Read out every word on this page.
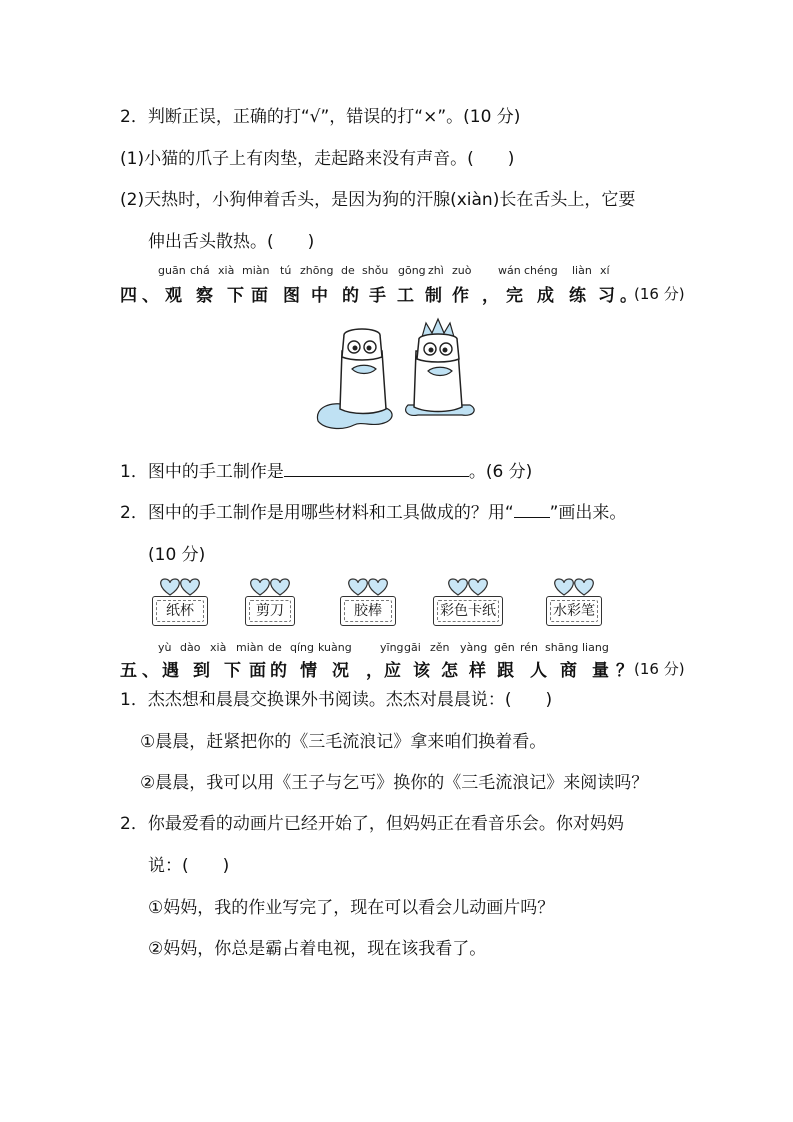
2．判断正误，正确的打“√”，错误的打“×”。(10 分)
(1)小猫的爪子上有肉垫，走起路来没有声音。(　　)
(2)天热时，小狗伸着舌头，是因为狗的汗腺(xiàn)长在舌头上，它要
伸出舌头散热。(　　)
guān chá xià miàn tú zhōng de shǒu gōng zhì zuò wán chéng liàn xí
四 、 观 察 下 面 图 中 的 手 工 制 作 ， 完 成 练 习 。
(16 分)
1．图中的手工制作是	。(6 分)
2．图中的手工制作是用哪些材料和工具做成的？用“ ”画出来。
(10 分)
纸杯	剪刀	胶棒	彩色卡纸	水彩笔
yù dào xià miàn de qíng kuàng	yīng gāi zěn yàng gēn rén shāng liang
五 、 遇 到 下 面 的 情 况 ， 应 该 怎 样 跟 人 商 量 ？ (16 分)
1．杰杰想和晨晨交换课外书阅读。杰杰对晨晨说：(　　)
①晨晨，赶紧把你的《三毛流浪记》拿来咱们换着看。
②晨晨，我可以用《王子与乞丐》换你的《三毛流浪记》来阅读吗？
2．你最爱看的动画片已经开始了，但妈妈正在看音乐会。你对妈妈
说：(　　)
①妈妈，我的作业写完了，现在可以看会儿动画片吗？
②妈妈，你总是霸占着电视，现在该我看了。
